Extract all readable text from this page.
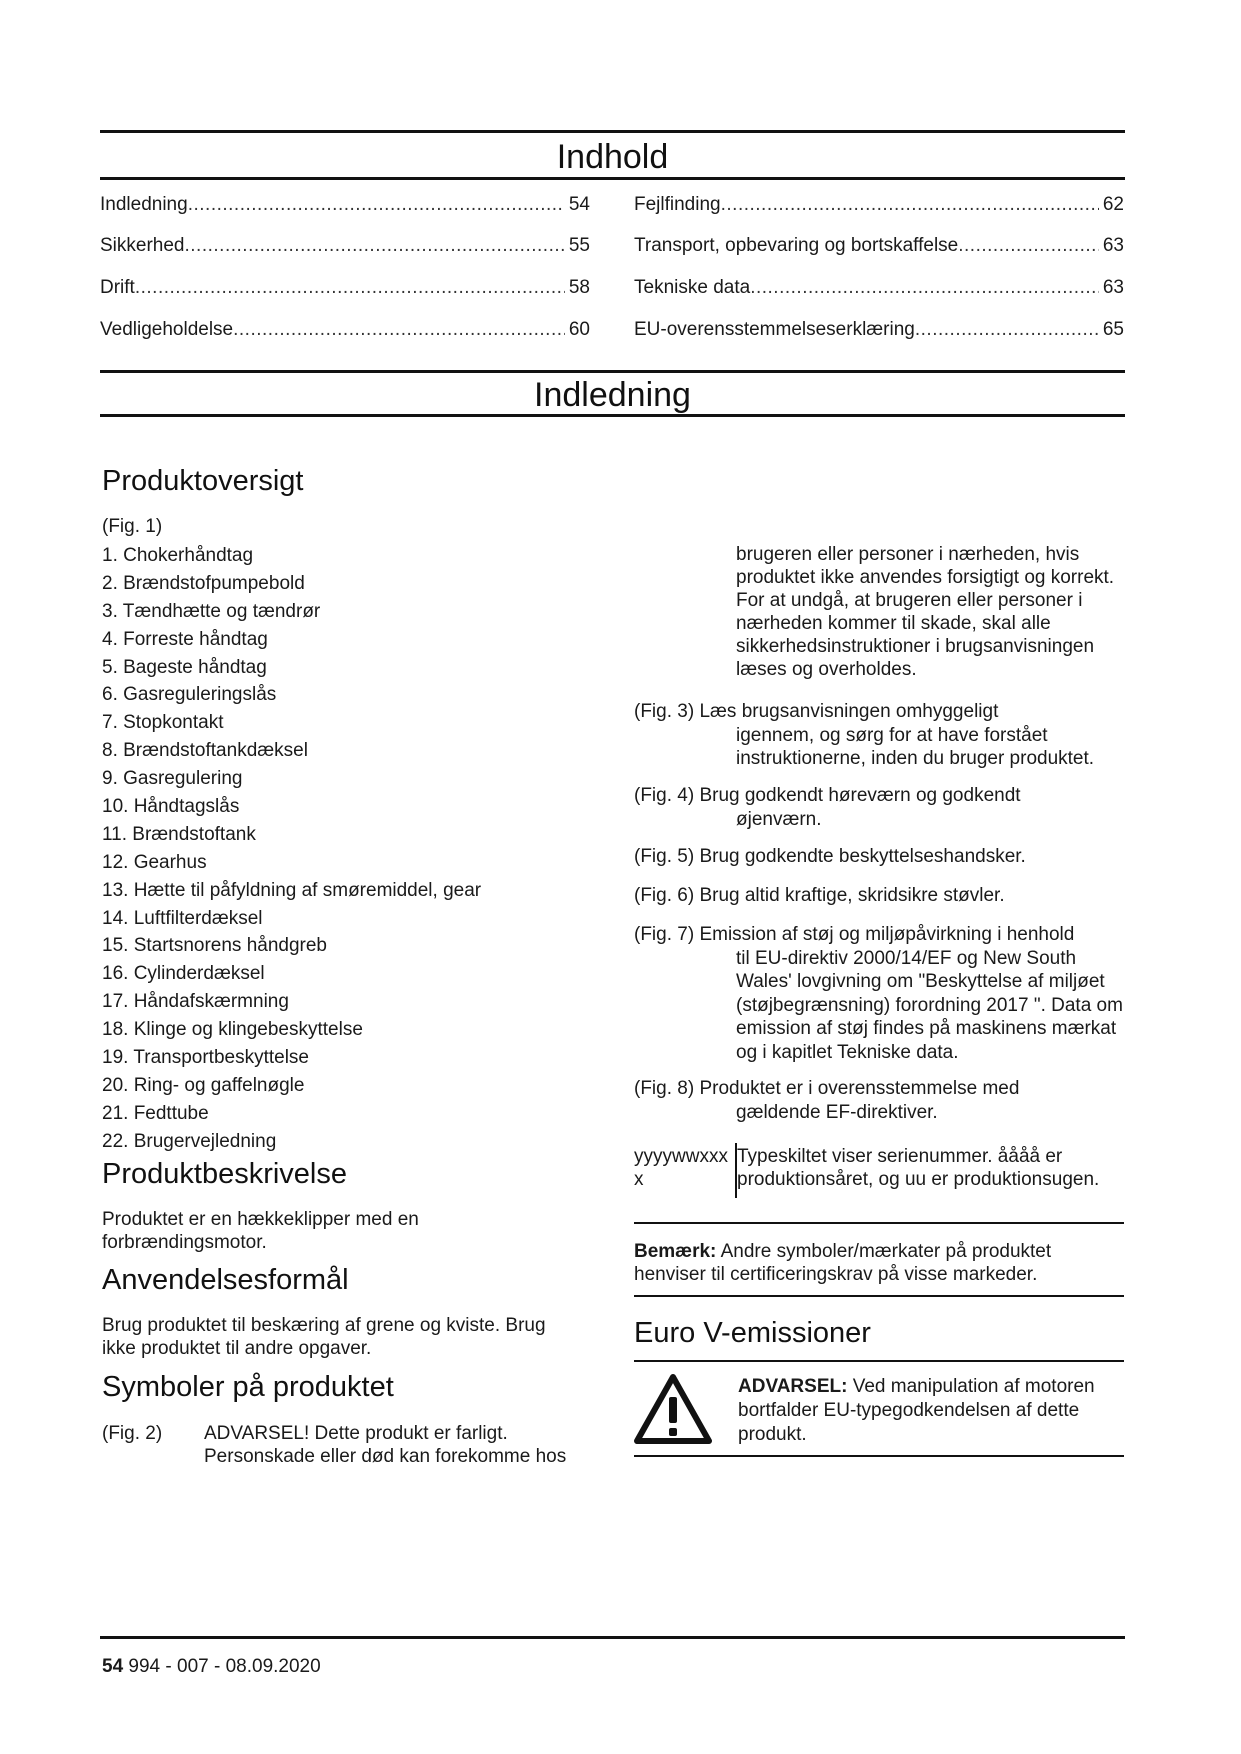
Indhold
Indledning .....	54
Sikkerhed .....	55
Drift .....	58
Vedligeholdelse .....	60
Fejlfinding .....	62
Transport, opbevaring og bortskaffelse .....	63
Tekniske data .....	63
EU-overensstemmelseserklæring .....	65
Indledning
Produktoversigt
(Fig. 1)
1. Chokerhåndtag
2. Brændstofpumpebold
3. Tændhætte og tændrør
4. Forreste håndtag
5. Bageste håndtag
6. Gasreguleringslås
7. Stopkontakt
8. Brændstoftankdæksel
9. Gasregulering
10. Håndtagslås
11. Brændstoftank
12. Gearhus
13. Hætte til påfyldning af smøremiddel, gear
14. Luftfilterdæksel
15. Startsnorens håndgreb
16. Cylinderdæksel
17. Håndafskærmning
18. Klinge og klingebeskyttelse
19. Transportbeskyttelse
20. Ring- og gaffelnøgle
21. Fedttube
22. Brugervejledning
Produktbeskrivelse
Produktet er en hækkeklipper med en forbrændingsmotor.
Anvendelsesformål
Brug produktet til beskæring af grene og kviste. Brug ikke produktet til andre opgaver.
Symboler på produktet
(Fig. 2) ADVARSEL! Dette produkt er farligt. Personskade eller død kan forekomme hos
brugeren eller personer i nærheden, hvis produktet ikke anvendes forsigtigt og korrekt. For at undgå, at brugeren eller personer i nærheden kommer til skade, skal alle sikkerhedsinstruktioner i brugsanvisningen læses og overholdes.
(Fig. 3) Læs brugsanvisningen omhyggeligt
igennem, og sørg for at have forstået instruktionerne, inden du bruger produktet.
(Fig. 4) Brug godkendt høreværn og godkendt
øjenværn.
(Fig. 5) Brug godkendte beskyttelseshandsker.
(Fig. 6) Brug altid kraftige, skridsikre støvler.
(Fig. 7) Emission af støj og miljøpåvirkning i henhold
til EU-direktiv 2000/14/EF og New South Wales' lovgivning om "Beskyttelse af miljøet (støjbegrænsning) forordning 2017 ". Data om emission af støj findes på maskinens mærkat og i kapitlet Tekniske data.
(Fig. 8) Produktet er i overensstemmelse med
gældende EF-direktiver.
yyyywwxxx x
Typeskiltet viser serienummer. åååå er produktionsåret, og uu er produktionsugen.
Bemærk: Andre symboler/mærkater på produktet henviser til certificeringskrav på visse markeder.
Euro V-emissioner
ADVARSEL: Ved manipulation af motoren bortfalder EU-typegodkendelsen af dette produkt.
54 994 - 007 - 08.09.2020
